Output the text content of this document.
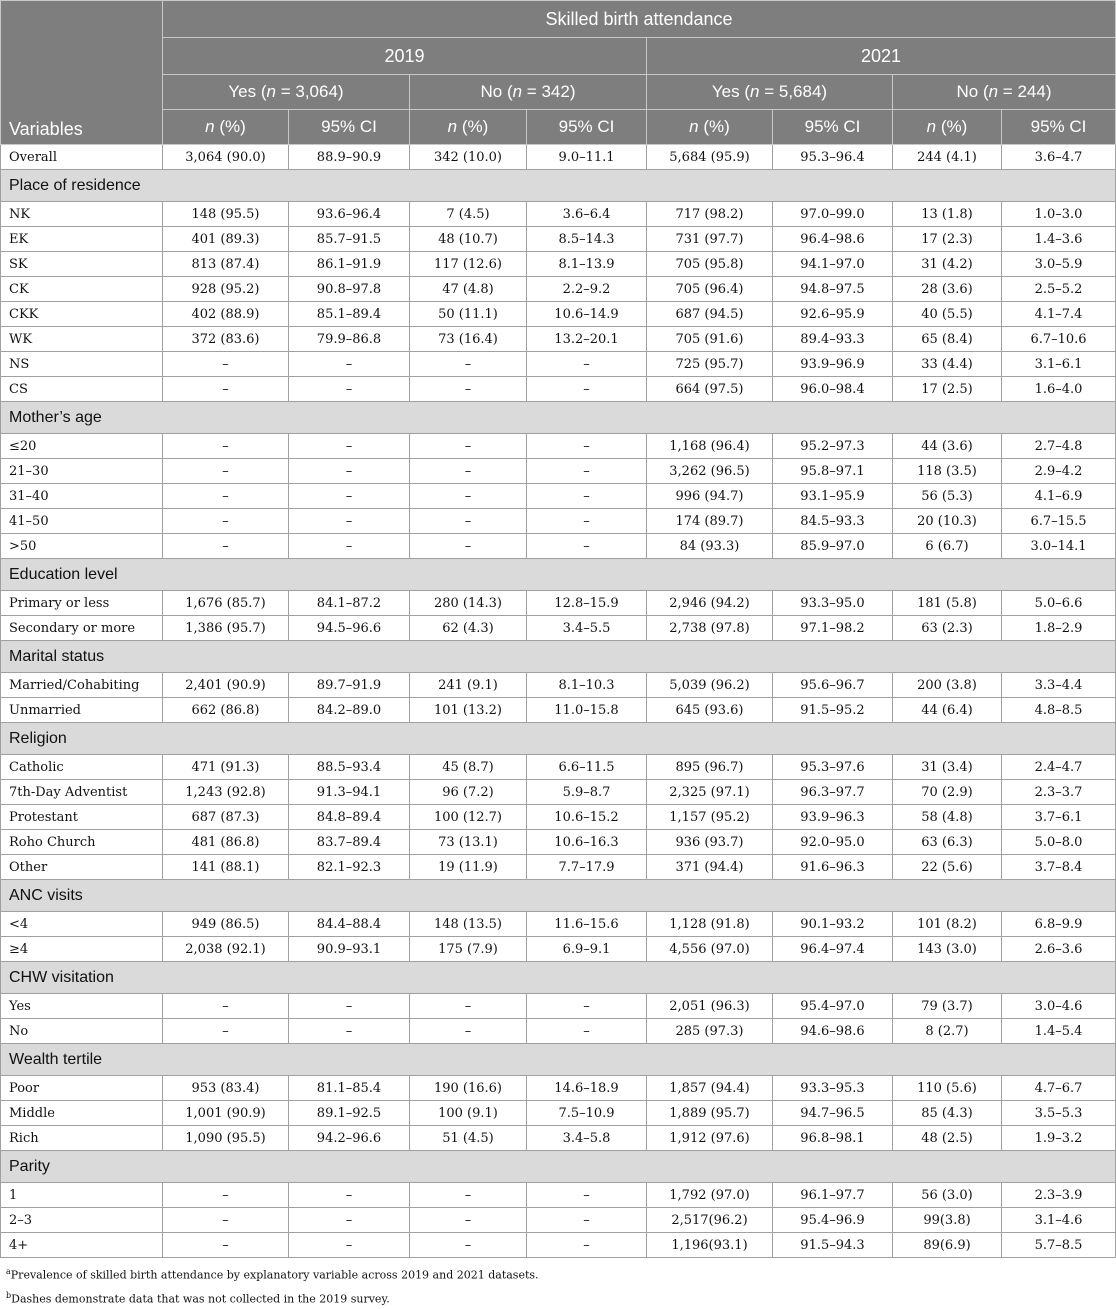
Variables	Skilled birth attendance							
	2019				2021			
	Yes (n = 3,064)		No (n = 342)		Yes (n = 5,684)		No (n = 244)	
	n (%)	95% CI	n (%)	95% CI	n (%)	95% CI	n (%)	95% CI
Overall	3,064 (90.0)	88.9–90.9	342 (10.0)	9.0–11.1	5,684 (95.9)	95.3–96.4	244 (4.1)	3.6–4.7
Place of residence								
NK	148 (95.5)	93.6–96.4	7 (4.5)	3.6–6.4	717 (98.2)	97.0–99.0	13 (1.8)	1.0–3.0
EK	401 (89.3)	85.7–91.5	48 (10.7)	8.5–14.3	731 (97.7)	96.4–98.6	17 (2.3)	1.4–3.6
SK	813 (87.4)	86.1–91.9	117 (12.6)	8.1–13.9	705 (95.8)	94.1–97.0	31 (4.2)	3.0–5.9
CK	928 (95.2)	90.8–97.8	47 (4.8)	2.2–9.2	705 (96.4)	94.8–97.5	28 (3.6)	2.5–5.2
CKK	402 (88.9)	85.1–89.4	50 (11.1)	10.6–14.9	687 (94.5)	92.6–95.9	40 (5.5)	4.1–7.4
WK	372 (83.6)	79.9–86.8	73 (16.4)	13.2–20.1	705 (91.6)	89.4–93.3	65 (8.4)	6.7–10.6
NS	–	–	–	–	725 (95.7)	93.9–96.9	33 (4.4)	3.1–6.1
CS	–	–	–	–	664 (97.5)	96.0–98.4	17 (2.5)	1.6–4.0
Mother’s age								
≤20	–	–	–	–	1,168 (96.4)	95.2–97.3	44 (3.6)	2.7–4.8
21–30	–	–	–	–	3,262 (96.5)	95.8–97.1	118 (3.5)	2.9–4.2
31–40	–	–	–	–	996 (94.7)	93.1–95.9	56 (5.3)	4.1–6.9
41–50	–	–	–	–	174 (89.7)	84.5–93.3	20 (10.3)	6.7–15.5
>50	–	–	–	–	84 (93.3)	85.9–97.0	6 (6.7)	3.0–14.1
Education level								
Primary or less	1,676 (85.7)	84.1–87.2	280 (14.3)	12.8–15.9	2,946 (94.2)	93.3–95.0	181 (5.8)	5.0–6.6
Secondary or more	1,386 (95.7)	94.5–96.6	62 (4.3)	3.4–5.5	2,738 (97.8)	97.1–98.2	63 (2.3)	1.8–2.9
Marital status								
Married/Cohabiting	2,401 (90.9)	89.7–91.9	241 (9.1)	8.1–10.3	5,039 (96.2)	95.6–96.7	200 (3.8)	3.3–4.4
Unmarried	662 (86.8)	84.2–89.0	101 (13.2)	11.0–15.8	645 (93.6)	91.5–95.2	44 (6.4)	4.8–8.5
Religion								
Catholic	471 (91.3)	88.5–93.4	45 (8.7)	6.6–11.5	895 (96.7)	95.3–97.6	31 (3.4)	2.4–4.7
7th-Day Adventist	1,243 (92.8)	91.3–94.1	96 (7.2)	5.9–8.7	2,325 (97.1)	96.3–97.7	70 (2.9)	2.3–3.7
Protestant	687 (87.3)	84.8–89.4	100 (12.7)	10.6–15.2	1,157 (95.2)	93.9–96.3	58 (4.8)	3.7–6.1
Roho Church	481 (86.8)	83.7–89.4	73 (13.1)	10.6–16.3	936 (93.7)	92.0–95.0	63 (6.3)	5.0–8.0
Other	141 (88.1)	82.1–92.3	19 (11.9)	7.7–17.9	371 (94.4)	91.6–96.3	22 (5.6)	3.7–8.4
ANC visits								
<4	949 (86.5)	84.4–88.4	148 (13.5)	11.6–15.6	1,128 (91.8)	90.1–93.2	101 (8.2)	6.8–9.9
≥4	2,038 (92.1)	90.9–93.1	175 (7.9)	6.9–9.1	4,556 (97.0)	96.4–97.4	143 (3.0)	2.6–3.6
CHW visitation								
Yes	–	–	–	–	2,051 (96.3)	95.4–97.0	79 (3.7)	3.0–4.6
No	–	–	–	–	285 (97.3)	94.6–98.6	8 (2.7)	1.4–5.4
Wealth tertile								
Poor	953 (83.4)	81.1–85.4	190 (16.6)	14.6–18.9	1,857 (94.4)	93.3–95.3	110 (5.6)	4.7–6.7
Middle	1,001 (90.9)	89.1–92.5	100 (9.1)	7.5–10.9	1,889 (95.7)	94.7–96.5	85 (4.3)	3.5–5.3
Rich	1,090 (95.5)	94.2–96.6	51 (4.5)	3.4–5.8	1,912 (97.6)	96.8–98.1	48 (2.5)	1.9–3.2
Parity								
1	–	–	–	–	1,792 (97.0)	96.1–97.7	56 (3.0)	2.3–3.9
2–3	–	–	–	–	2,517(96.2)	95.4–96.9	99(3.8)	3.1–4.6
4+	–	–	–	–	1,196(93.1)	91.5–94.3	89(6.9)	5.7–8.5
$^a$Prevalence of skilled birth attendance by explanatory variable across 2019 and 2021 datasets.
$^b$Dashes demonstrate data that was not collected in the 2019 survey.
